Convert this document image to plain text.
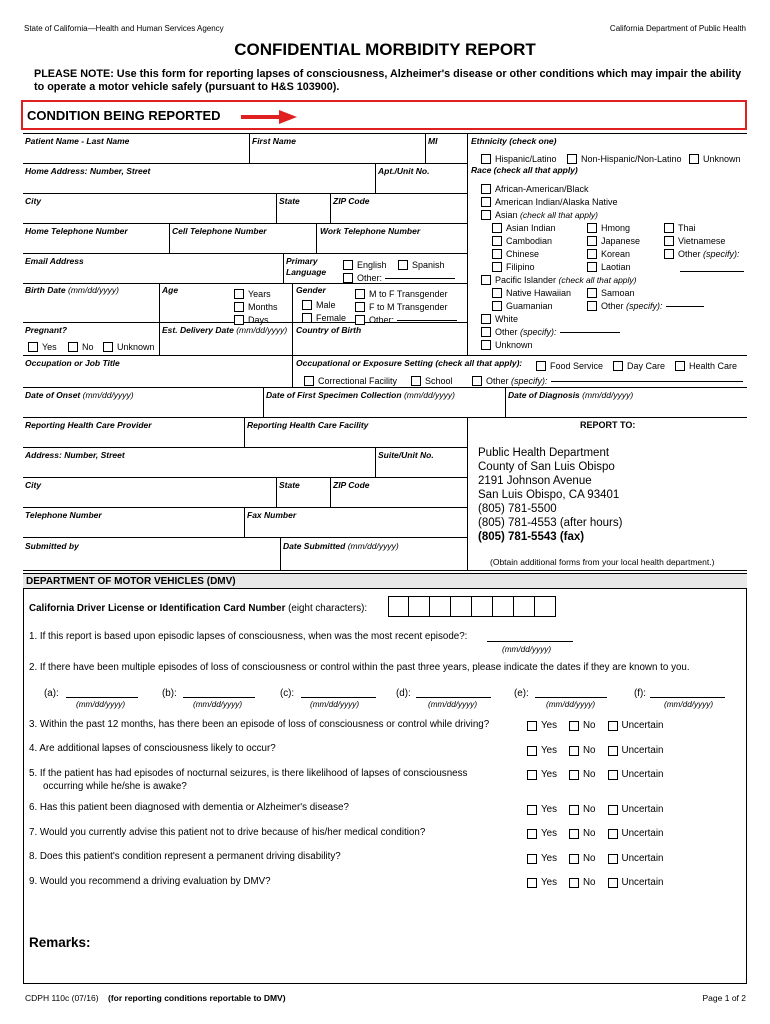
State of California—Health and Human Services Agency	California Department of Public Health
CONFIDENTIAL MORBIDITY REPORT
PLEASE NOTE: Use this form for reporting lapses of consciousness, Alzheimer's disease or other conditions which may impair the ability to operate a motor vehicle safely (pursuant to H&S 103900).
CONDITION BEING REPORTED
Patient Name - Last Name	First Name	MI
Home Address: Number, Street	Apt./Unit No.
City	State	ZIP Code
Home Telephone Number	Cell Telephone Number	Work Telephone Number
Email Address	Primary Language
English	Spanish
Other:
Birth Date (mm/dd/yyyy)	Age	Years
Months
Days
Gender
Male
Female
M to F Transgender
F to M Transgender
Other:
Pregnant?
Yes	No	Unknown
Est. Delivery Date (mm/dd/yyyy) Country of Birth
Ethnicity (check one)
Hispanic/Latino	Non-Hispanic/Non-Latino Unknown
Race (check all that apply)
African-American/Black
American Indian/Alaska Native
Asian
(check all that apply)
Asian Indian
Cambodian
Chinese
Filipino
Hmong
Japanese
Korean
Laotian
Thai
Vietnamese
Other
(specify):
Pacific Islander
(check all that apply)
Native Hawaiian
Guamanian
Samoan
Other
(specify):
White
Other
(specify):
Unknown
Occupation or Job Title	Occupational or Exposure Setting (check all that apply):	Food Service	Day Care	Health Care
Correctional Facility	School	Other
(specify):
Date of Onset (mm/dd/yyyy)	Date of First Specimen Collection (mm/dd/yyyy)	Date of Diagnosis (mm/dd/yyyy)
Reporting Health Care Provider	Reporting Health Care Facility
Address: Number, Street	Suite/Unit No.
City	State	ZIP Code
Telephone Number	Fax Number
Submitted by	Date Submitted (mm/dd/yyyy)
REPORT TO:
Public Health Department
County of San Luis Obispo
2191 Johnson Avenue
San Luis Obispo, CA 93401
(805) 781-5500
(805) 781-4553 (after hours)
(805) 781-5543 (fax)
(Obtain additional forms from your local health department.)
DEPARTMENT OF MOTOR VEHICLES (DMV)
California Driver License or Identification Card Number (eight characters):
1. If this report is based upon episodic lapses of consciousness, when was the most recent episode?:
(mm/dd/yyyy)
2. If there have been multiple episodes of loss of consciousness or control within the past three years, please indicate the dates if they are known to you.
(a):
(mm/dd/yyyy)
(b):
(mm/dd/yyyy)
(c):
(mm/dd/yyyy)
(d):
(mm/dd/yyyy)
(e):
(mm/dd/yyyy)
(f):
(mm/dd/yyyy)
3. Within the past 12 months, has there been an episode of loss of consciousness or control while driving?	Yes	No	Uncertain
4. Are additional lapses of consciousness likely to occur?	Yes	No	Uncertain
5. If the patient has had episodes of nocturnal seizures, is there likelihood of lapses of consciousness occurring while he/she is awake?
Yes	No	Uncertain
6. Has this patient been diagnosed with dementia or Alzheimer's disease?	Yes	No	Uncertain
7. Would you currently advise this patient not to drive because of his/her medical condition?	Yes	No	Uncertain
8. Does this patient's condition represent a permanent driving disability?	Yes	No	Uncertain
9. Would you recommend a driving evaluation by DMV?	Yes	No	Uncertain
Remarks:
CDPH 110c (07/16) (for reporting conditions reportable to DMV)	Page 1 of 2
